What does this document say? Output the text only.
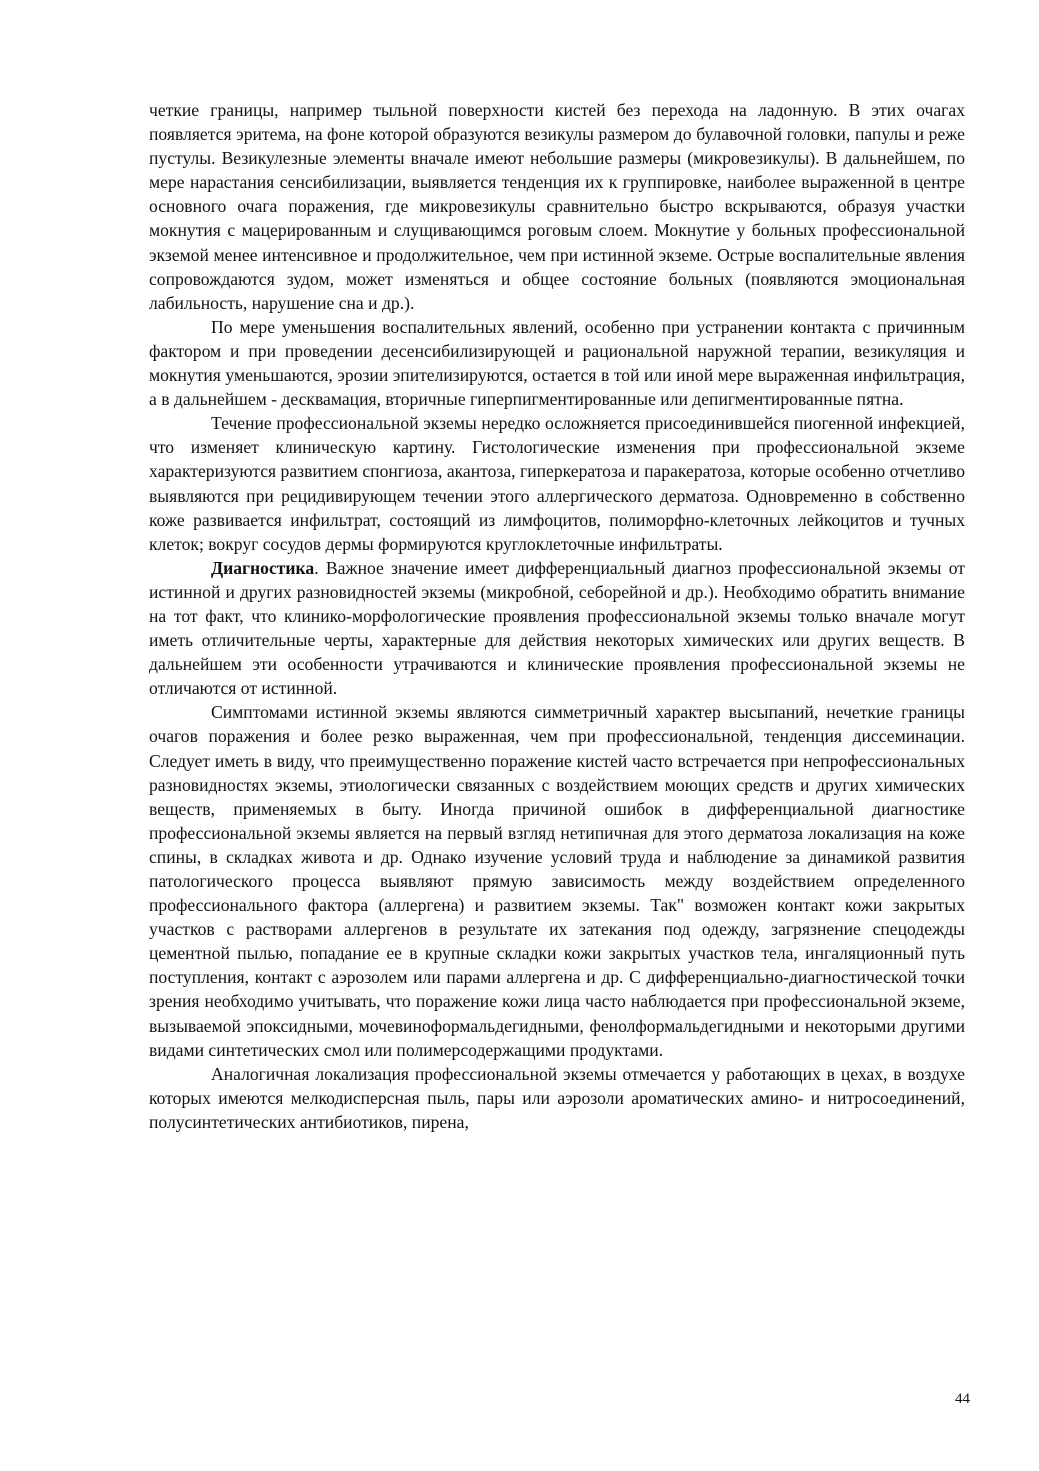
четкие границы, например тыльной поверхности кистей без перехода на ладонную. В этих очагах появляется эритема, на фоне которой образуются везикулы размером до булавочной головки, папулы и реже пустулы. Везикулезные элементы вначале имеют небольшие размеры (микровезикулы). В дальнейшем, по мере нарастания сенсибилизации, выявляется тенденция их к группировке, наиболее выраженной в центре основного очага поражения, где микровезикулы сравнительно быстро вскрываются, образуя участки мокнутия с мацерированным и слущивающимся роговым слоем. Мокнутие у больных профессиональной экземой менее интенсивное и продолжительное, чем при истинной экземе. Острые воспалительные явления сопровождаются зудом, может изменяться и общее состояние больных (появляются эмоциональная лабильность, нарушение сна и др.).

По мере уменьшения воспалительных явлений, особенно при устранении контакта с причинным фактором и при проведении десенсибилизирующей и рациональной наружной терапии, везикуляция и мокнутия уменьшаются, эрозии эпителизируются, остается в той или иной мере выраженная инфильтрация, а в дальнейшем - десквамация, вторичные гиперпигментированные или депигментированные пятна.

Течение профессиональной экземы нередко осложняется присоединившейся пиогенной инфекцией, что изменяет клиническую картину. Гистологические изменения при профессиональной экземе характеризуются развитием спонгиоза, акантоза, гиперкератоза и паракератоза, которые особенно отчетливо выявляются при рецидивирующем течении этого аллергического дерматоза. Одновременно в собственно коже развивается инфильтрат, состоящий из лимфоцитов, полиморфно-клеточных лейкоцитов и тучных клеток; вокруг сосудов дермы формируются круглоклеточные инфильтраты.

Диагностика. Важное значение имеет дифференциальный диагноз профессиональной экземы от истинной и других разновидностей экземы (микробной, себорейной и др.). Необходимо обратить внимание на тот факт, что клинико-морфологические проявления профессиональной экземы только вначале могут иметь отличительные черты, характерные для действия некоторых химических или других веществ. В дальнейшем эти особенности утрачиваются и клинические проявления профессиональной экземы не отличаются от истинной.

Симптомами истинной экземы являются симметричный характер высыпаний, нечеткие границы очагов поражения и более резко выраженная, чем при профессиональной, тенденция диссеминации. Следует иметь в виду, что преимущественно поражение кистей часто встречается при непрофессиональных разновидностях экземы, этиологически связанных с воздействием моющих средств и других химических веществ, применяемых в быту. Иногда причиной ошибок в дифференциальной диагностике профессиональной экземы является на первый взгляд нетипичная для этого дерматоза локализация на коже спины, в складках живота и др. Однако изучение условий труда и наблюдение за динамикой развития патологического процесса выявляют прямую зависимость между воздействием определенного профессионального фактора (аллергена) и развитием экземы. Так" возможен контакт кожи закрытых участков с растворами аллергенов в результате их затекания под одежду, загрязнение спецодежды цементной пылью, попадание ее в крупные складки кожи закрытых участков тела, ингаляционный путь поступления, контакт с аэрозолем или парами аллергена и др. С дифференциально-диагностической точки зрения необходимо учитывать, что поражение кожи лица часто наблюдается при профессиональной экземе, вызываемой эпоксидными, мочевиноформальдегидными, фенолформальдегидными и некоторыми другими видами синтетических смол или полимерсодержащими продуктами.

Аналогичная локализация профессиональной экземы отмечается у работающих в цехах, в воздухе которых имеются мелкодисперсная пыль, пары или аэрозоли ароматических амино- и нитросоединений, полусинтетических антибиотиков, пирена,

44
